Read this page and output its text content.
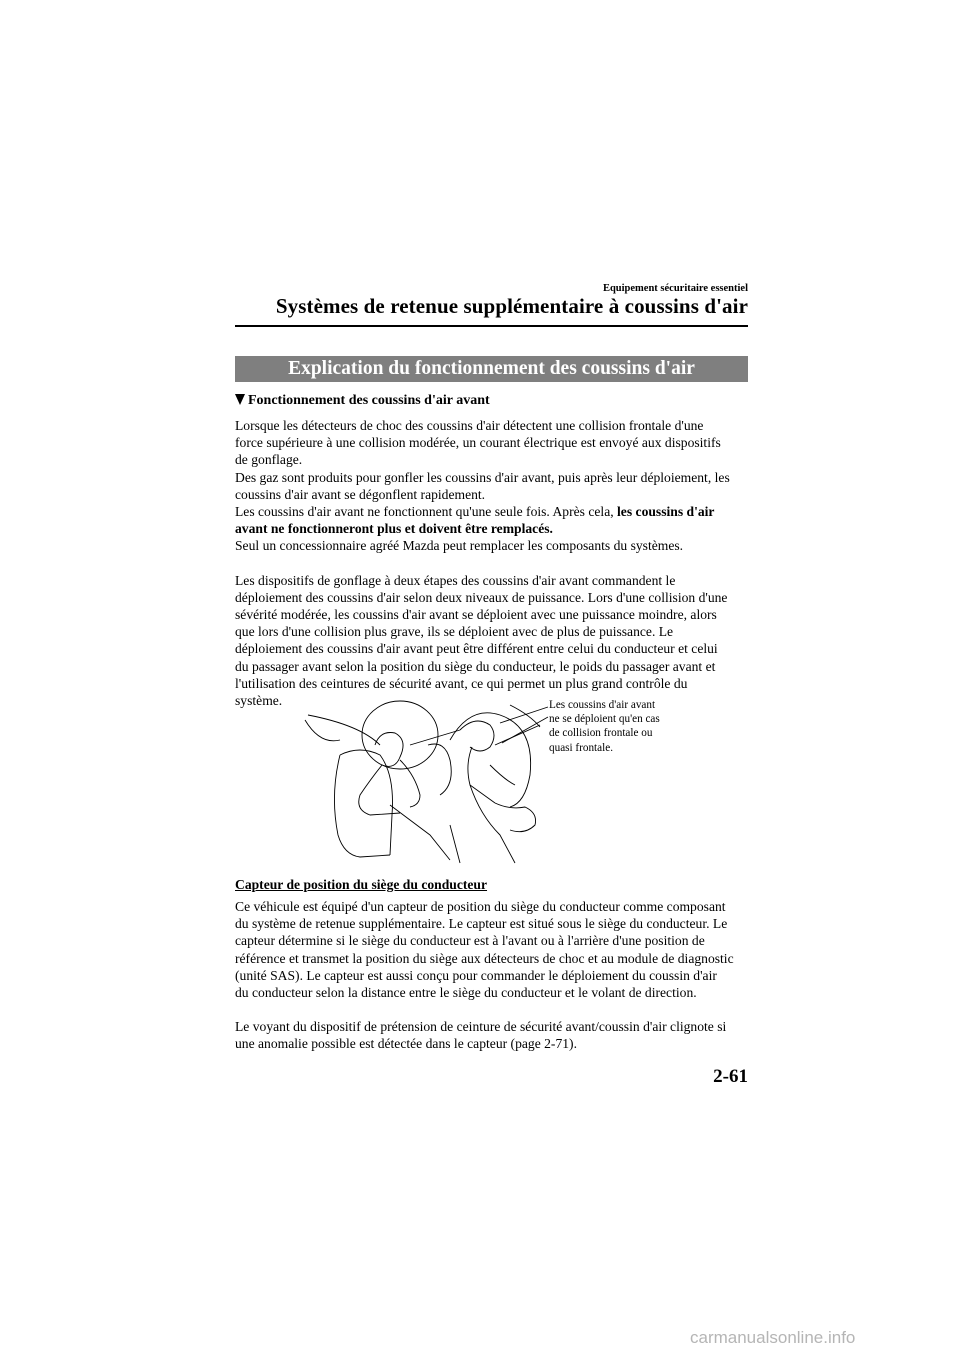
Equipement sécuritaire essentiel
Systèmes de retenue supplémentaire à coussins d'air
Explication du fonctionnement des coussins d'air
Fonctionnement des coussins d'air avant

Lorsque les détecteurs de choc des coussins d'air détectent une collision frontale d'une

force supérieure à une collision modérée, un courant électrique est envoyé aux dispositifs

de gonflage.

Des gaz sont produits pour gonfler les coussins d'air avant, puis après leur déploiement, les

coussins d'air avant se dégonflent rapidement.

Les coussins d'air avant ne fonctionnent qu'une seule fois. Après cela, les coussins d'air

avant ne fonctionneront plus et doivent être remplacés.

Seul un concessionnaire agréé Mazda peut remplacer les composants du systèmes.

Les dispositifs de gonflage à deux étapes des coussins d'air avant commandent le

déploiement des coussins d'air selon deux niveaux de puissance. Lors d'une collision d'une

sévérité modérée, les coussins d'air avant se déploient avec une puissance moindre, alors

que lors d'une collision plus grave, ils se déploient avec de plus de puissance. Le

déploiement des coussins d'air avant peut être différent entre celui du conducteur et celui

du passager avant selon la position du siège du conducteur, le poids du passager avant et

l'utilisation des ceintures de sécurité avant, ce qui permet un plus grand contrôle du

système.	Les coussins d'air avant
ne se déploient qu'en cas
de collision frontale ou
quasi frontale.
Capteur de position du siège du conducteur

Ce véhicule est équipé d'un capteur de position du siège du conducteur comme composant

du système de retenue supplémentaire. Le capteur est situé sous le siège du conducteur. Le

capteur détermine si le siège du conducteur est à l'avant ou à l'arrière d'une position de

référence et transmet la position du siège aux détecteurs de choc et au module de diagnostic

(unité SAS). Le capteur est aussi conçu pour commander le déploiement du coussin d'air

du conducteur selon la distance entre le siège du conducteur et le volant de direction.

Le voyant du dispositif de prétension de ceinture de sécurité avant/coussin d'air clignote si

une anomalie possible est détectée dans le capteur (page 2-71).

2-61
carmanualsonline.info
